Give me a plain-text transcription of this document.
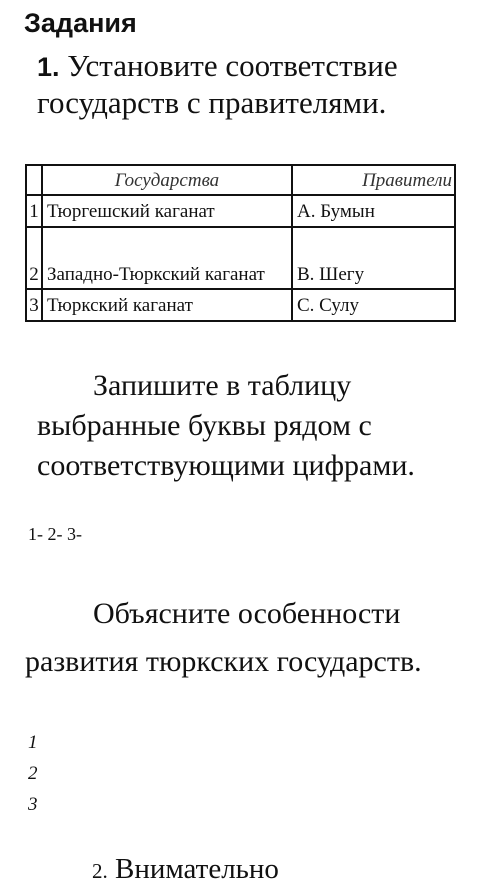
Задания
1. Установите соответствие государств с правителями.
	Государства	Правители
1	Тюргешский каганат	А. Бумын
2	Западно-Тюркский каганат	В. Шегу
3	Тюркский каганат	С. Сулу
Запишите в таблицу выбранные буквы рядом с соответствующими цифрами.
1- 2- 3-
Объясните особенности
развития тюркских государств.
1
2
3
2. Внимательно
